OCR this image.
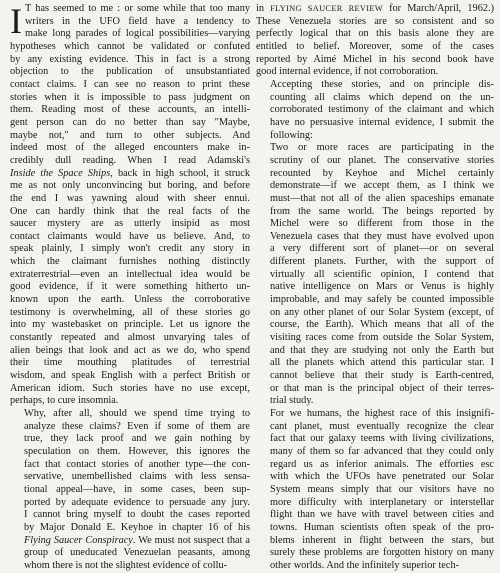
I T has seemed to me : or some while that too many
writers in the UFO field have a tendency to
make long parades of logical possibilities—varying
hypotheses which cannot be validated or confuted
by any existing evidence. This in fact is a strong
objection to the publication of unsubstantiated
contact claims. I can see no reason to print these
stories when it is impossible to pass judgment on
them. Reading most of these accounts, an intelli-
gent person can do no better than say "Maybe,
maybe not," and turn to other subjects. And
indeed most of the alleged encounters make in-
credibly dull reading. When I read Adamski's
Inside the Space Ships, back in high school, it struck
me as not only unconvincing but boring, and before
the end I was yawning aloud with sheer ennui.
One can hardly think that the real facts of the
saucer mystery are as utterly insipid as most
contact claimants would have us believe. And, to
speak plainly, I simply won't credit any story in
which the claimant furnishes nothing distinctly
extraterrestrial—even an intellectual idea would be
good evidence, if it were something hitherto un-
known upon the earth. Unless the corroborative
testimony is overwhelming, all of these stories go
into my wastebasket on principle. Let us ignore the
constantly repeated and almost unvarying tales of
alien beings that look and act as we do, who spend
their time mouthing platitudes of terrestrial
wisdom, and speak English with a perfect British or
American idiom. Such stories have no use except,
perhaps, to cure insomnia.

Why, after all, should we spend time trying to
analyze these claims? Even if some of them are
true, they lack proof and we gain nothing by
speculation on them. However, this ignores the
fact that contact stories of another type—the con-
servative, unembellished claims with less sensa-
tional appeal—have, in some cases, been sup-
ported by adequate evidence to persuade any jury.
I cannot bring myself to doubt the cases reported
by Major Donald E. Keyhoe in chapter 16 of his
Flying Saucer Conspiracy. We must not suspect that a
group of uneducated Venezuelan peasants, among
whom there is not the slightest evidence of collu-

in FLYING SAUCER REVIEW for March/April, 1962.)
These Venezuela stories are so consistent and so
perfectly logical that on this basis alone they are
entitled to belief. Moreover, some of the cases
reported by Aimé Michel in his second book have
good internal evidence, if not corroboration.

Accepting these stories, and on principle dis-
counting all claims which depend on the un-
corroborated testimony of the claimant and which
have no persuasive internal evidence, I submit the
following:

Two or more races are participating in the
scrutiny of our planet. The conservative stories
recounted by Keyhoe and Michel certainly
demonstrate—if we accept them, as I think we
must—that not all of the alien spaceships emanate
from the same world. The beings reported by
Michel were so different from those in the
Venezuela cases that they must have evolved upon
a very different sort of planet—or on several
different planets. Further, with the support of
virtually all scientific opinion, I contend that
native intelligence on Mars or Venus is highly
improbable, and may safely be counted impossible
on any other planet of our Solar System (except, of
course, the Earth). Which means that all of the
visiting races come from outside the Solar System,
and that they are studying not only the Earth but
all the planets which attend this particular star. I
cannot believe that their study is Earth-centred,
or that man is the principal object of their terres-
trial study.

For we humans, the highest race of this insignifi-
cant planet, must eventually recognize the clear
fact that our galaxy teems with living civilizations,
many of them so far advanced that they could only
regard us as inferior animals. The efforties esc
with which the UFOs have penetrated our Solar
System means simply that our visitors have no
more difficulty with interplanetary or interstellar
flight than we have with travel between cities and
towns. Human scientists often speak of the pro-
blems inherent in flight between the stars, but
surely these problems are forgotten history on many
other worlds. And the infinitely superior tech-
